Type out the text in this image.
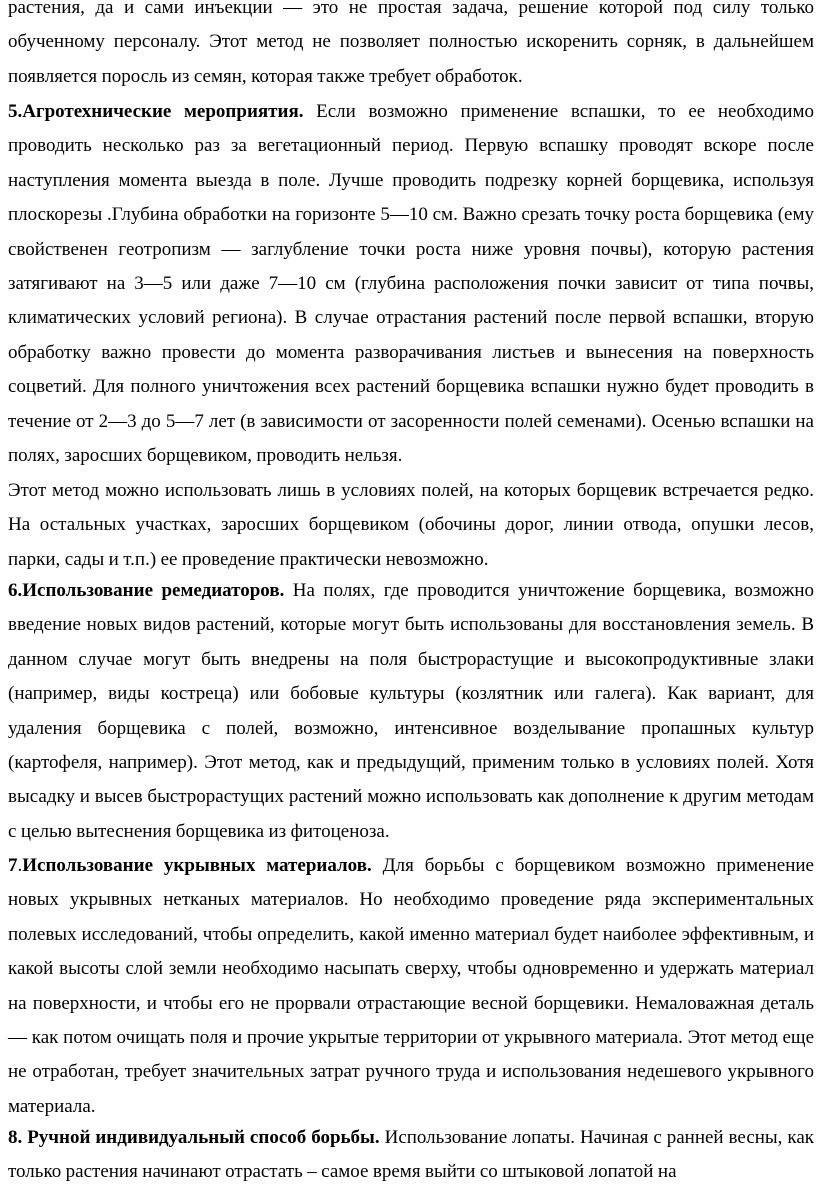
растения, да и сами инъекции — это не простая задача, решение которой под силу только обученному персоналу. Этот метод не позволяет полностью искоренить сорняк, в дальнейшем появляется поросль из семян, которая также требует обработок.

5.Агротехнические мероприятия. Если возможно применение вспашки, то ее необходимо проводить несколько раз за вегетационный период. Первую вспашку проводят вскоре после наступления момента выезда в поле. Лучше проводить подрезку корней борщевика, используя плоскорезы .Глубина обработки на горизонте 5—10 см. Важно срезать точку роста борщевика (ему свойственен геотропизм — заглубление точки роста ниже уровня почвы), которую растения затягивают на 3—5 или даже 7—10 см (глубина расположения почки зависит от типа почвы, климатических условий региона). В случае отрастания растений после первой вспашки, вторую обработку важно провести до момента разворачивания листьев и вынесения на поверхность соцветий. Для полного уничтожения всех растений борщевика вспашки нужно будет проводить в течение от 2—3 до 5—7 лет (в зависимости от засоренности полей семенами). Осенью вспашки на полях, заросших борщевиком, проводить нельзя.

Этот метод можно использовать лишь в условиях полей, на которых борщевик встречается редко. На остальных участках, заросших борщевиком (обочины дорог, линии отвода, опушки лесов, парки, сады и т.п.) ее проведение практически невозможно.

6.Использование ремедиаторов. На полях, где проводится уничтожение борщевика, возможно введение новых видов растений, которые могут быть использованы для восстановления земель. В данном случае могут быть внедрены на поля быстрорастущие и высокопродуктивные злаки (например, виды костреца) или бобовые культуры (козлятник или галега). Как вариант, для удаления борщевика с полей, возможно, интенсивное возделывание пропашных культур (картофеля, например). Этот метод, как и предыдущий, применим только в условиях полей. Хотя высадку и высев быстрорастущих растений можно использовать как дополнение к другим методам с целью вытеснения борщевика из фитоценоза.

7.Использование укрывных материалов. Для борьбы с борщевиком возможно применение новых укрывных нетканых материалов. Но необходимо проведение ряда экспериментальных полевых исследований, чтобы определить, какой именно материал будет наиболее эффективным, и какой высоты слой земли необходимо насыпать сверху, чтобы одновременно и удержать материал на поверхности, и чтобы его не прорвали отрастающие весной борщевики. Немаловажная деталь — как потом очищать поля и прочие укрытые территории от укрывного материала. Этот метод еще не отработан, требует значительных затрат ручного труда и использования недешевого укрывного материала.

8. Ручной индивидуальный способ борьбы. Использование лопаты. Начиная с ранней весны, как только растения начинают отрастать – самое время выйти со штыковой лопатой на
